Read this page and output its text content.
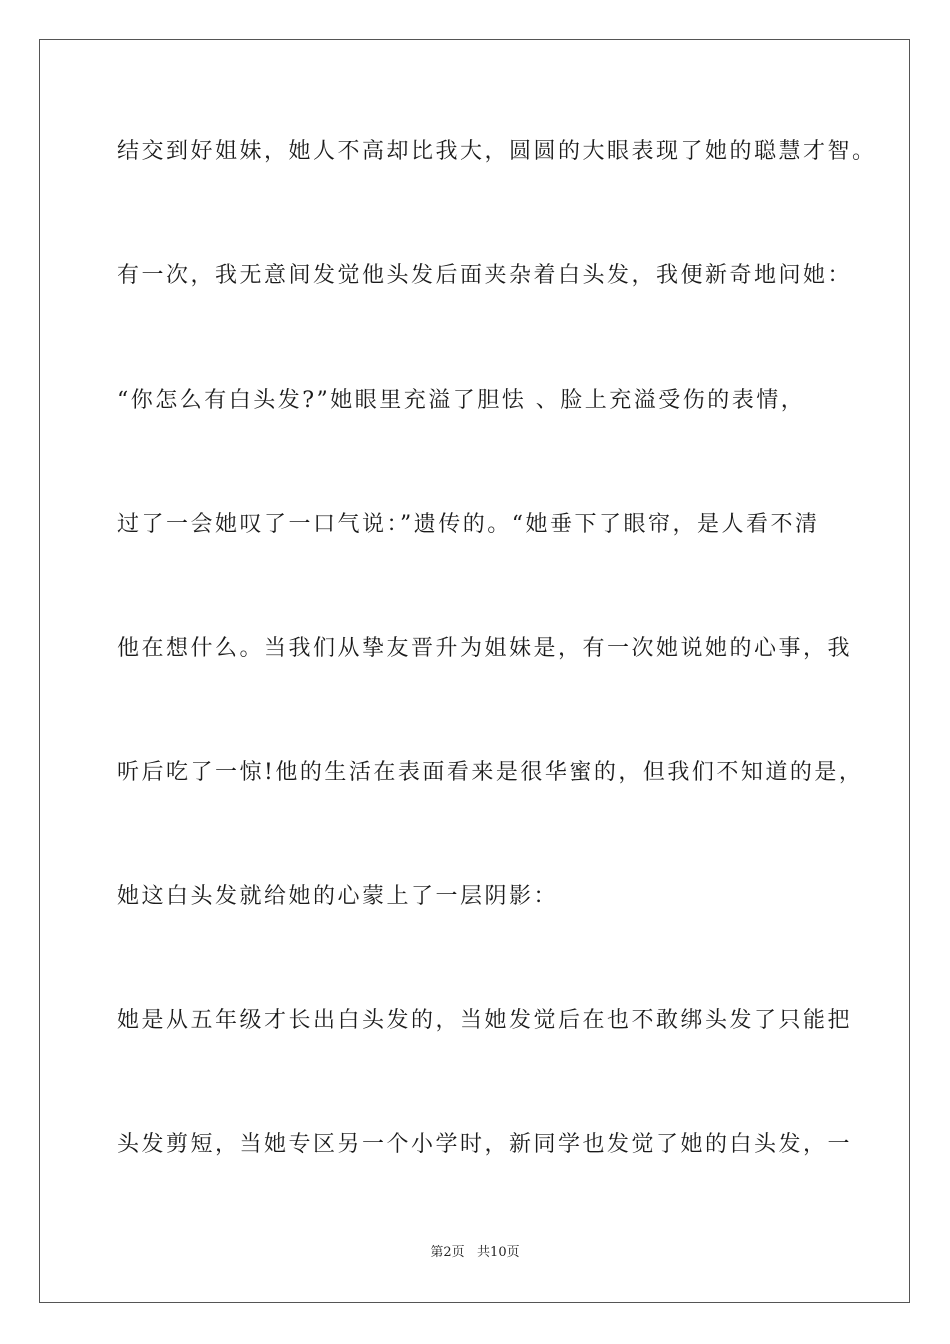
结交到好姐妹，她人不高却比我大，圆圆的大眼表现了她的聪慧才智。

有一次，我无意间发觉他头发后面夹杂着白头发，我便新奇地问她：

“你怎么有白头发?”她眼里充溢了胆怯 、脸上充溢受伤的表情，

过了一会她叹了一口气说：”遗传的。“她垂下了眼帘，是人看不清

他在想什么。当我们从挚友晋升为姐妹是，有一次她说她的心事，我

听后吃了一惊!他的生活在表面看来是很华蜜的，但我们不知道的是，

她这白头发就给她的心蒙上了一层阴影：

她是从五年级才长出白头发的，当她发觉后在也不敢绑头发了只能把

头发剪短，当她专区另一个小学时，新同学也发觉了她的白头发，一

第2页   共10页
